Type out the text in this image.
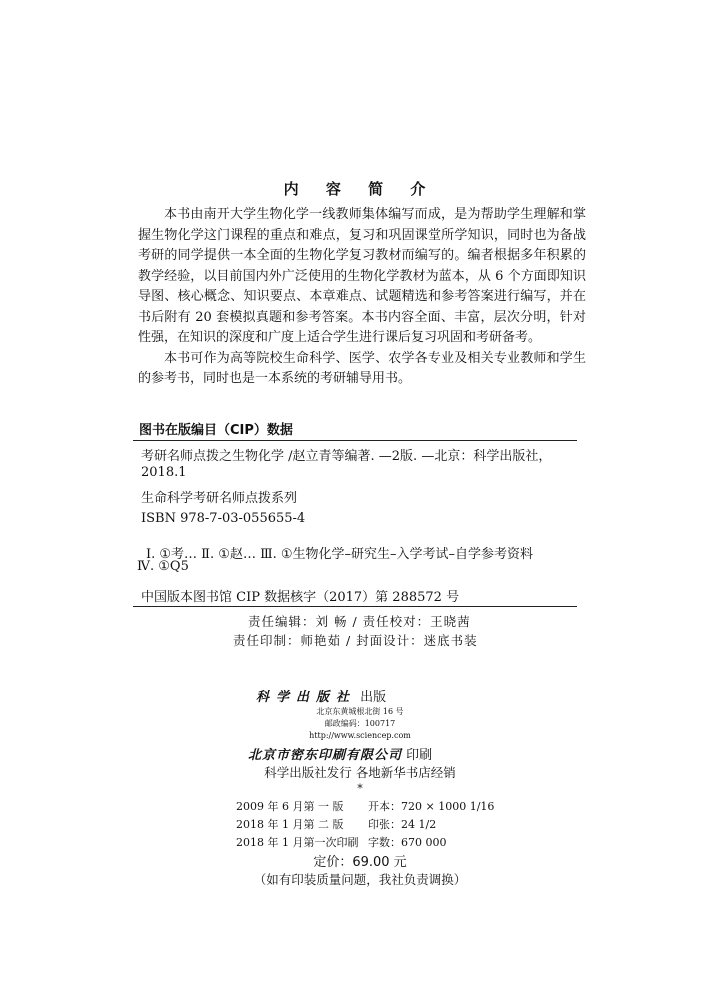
内 容 简 介

本书由南开大学生物化学一线教师集体编写而成，是为帮助学生理解和掌握生物化学这门课程的重点和难点，复习和巩固课堂所学知识，同时也为备战考研的同学提供一本全面的生物化学复习教材而编写的。编者根据多年积累的教学经验，以目前国内外广泛使用的生物化学教材为蓝本，从 6 个方面即知识导图、核心概念、知识要点、本章难点、试题精选和参考答案进行编写，并在书后附有 20 套模拟真题和参考答案。本书内容全面、丰富，层次分明，针对性强，在知识的深度和广度上适合学生进行课后复习巩固和考研备考。

本书可作为高等院校生命科学、医学、农学各专业及相关专业教师和学生的参考书，同时也是一本系统的考研辅导用书。

图书在版编目（CIP）数据
考研名师点拨之生物化学 /赵立青等编著. —2版. —北京：科学出版社，
2018.1
生命科学考研名师点拨系列
ISBN 978-7-03-055655-4
Ⅰ. ①考… Ⅱ. ①赵… Ⅲ. ①生物化学–研究生–入学考试–自学参考资料
Ⅳ. ①Q5
中国版本图书馆 CIP 数据核字（2017）第 288572 号
责任编辑：刘 畅 / 责任校对：王晓茜
责任印制：师艳茹 / 封面设计：迷底书装
科学出版社 出版
北京东黄城根北街 16 号
邮政编码：100717
http://www.sciencep.com
北京市密东印刷有限公司 印刷
科学出版社发行 各地新华书店经销
*
2009 年 6 月第 一 版 开本：720 × 1000 1/16
2018 年 1 月第 二 版 印张：24 1/2
2018 年 1 月第一次印刷 字数：670 000
定价：69.00 元
（如有印装质量问题，我社负责调换）
